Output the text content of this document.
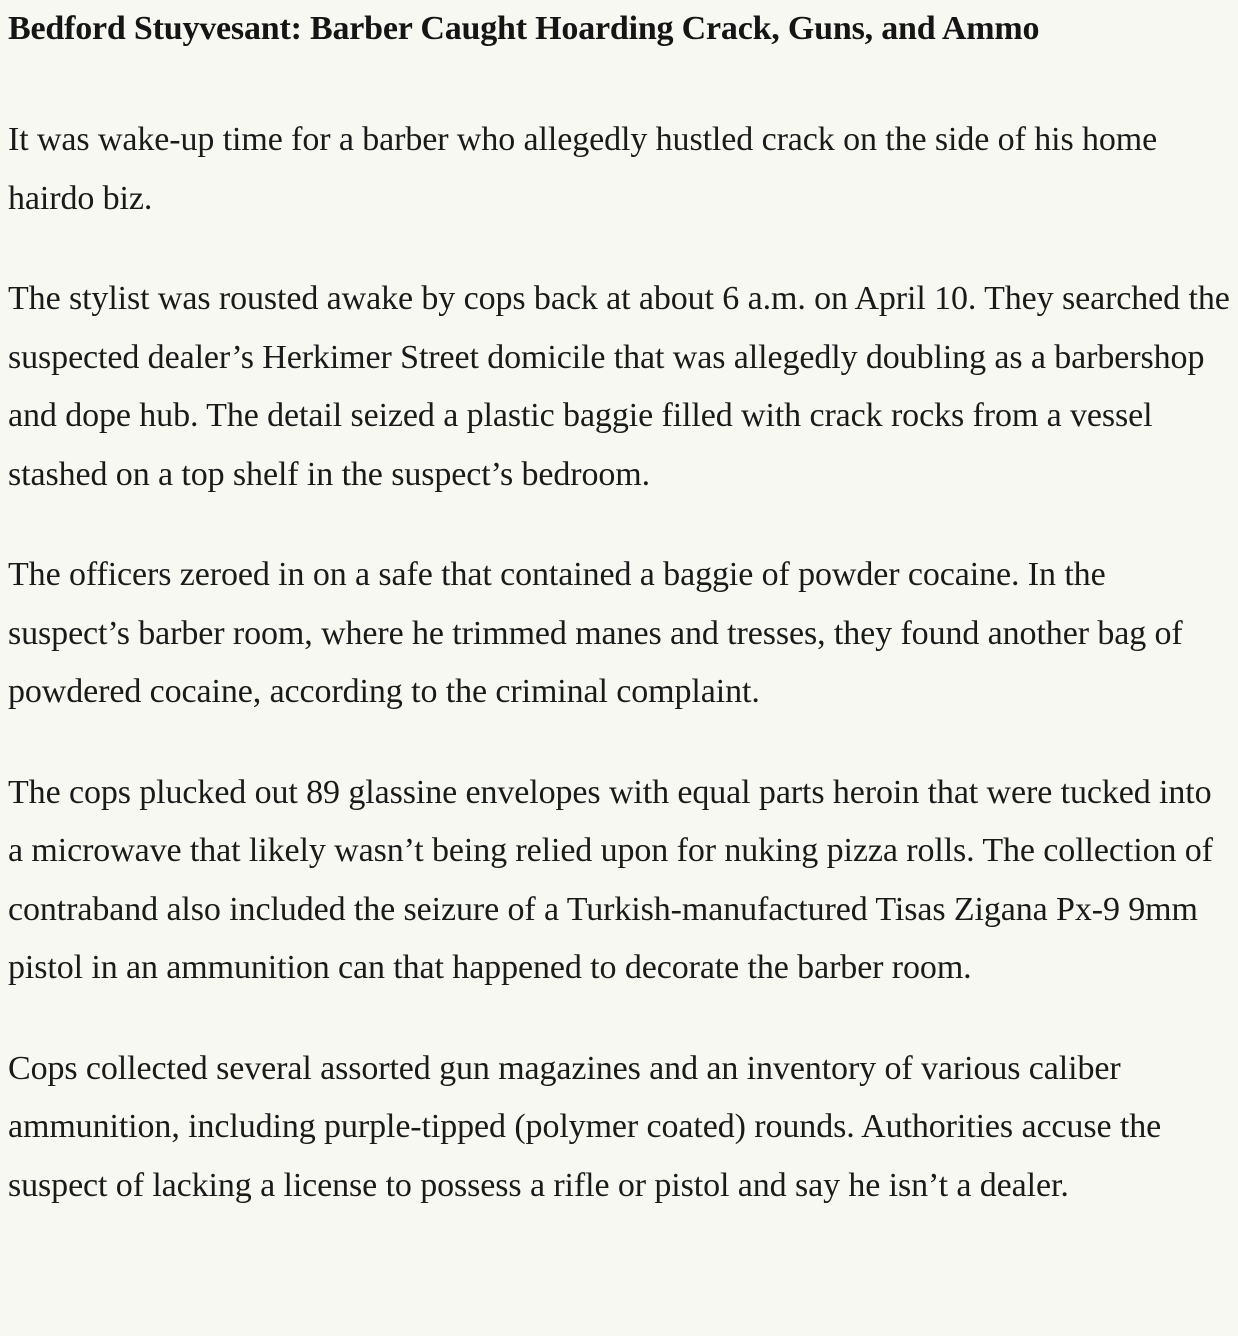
Bedford Stuyvesant: Barber Caught Hoarding Crack, Guns, and Ammo

It was wake-up time for a barber who allegedly hustled crack on the side of his home hairdo biz.

The stylist was rousted awake by cops back at about 6 a.m. on April 10. They searched the suspected dealer’s Herkimer Street domicile that was allegedly doubling as a barbershop and dope hub. The detail seized a plastic baggie filled with crack rocks from a vessel stashed on a top shelf in the suspect’s bedroom.

The officers zeroed in on a safe that contained a baggie of powder cocaine. In the suspect’s barber room, where he trimmed manes and tresses, they found another bag of powdered cocaine, according to the criminal complaint.

The cops plucked out 89 glassine envelopes with equal parts heroin that were tucked into a microwave that likely wasn’t being relied upon for nuking pizza rolls. The collection of contraband also included the seizure of a Turkish-manufactured Tisas Zigana Px-9 9mm pistol in an ammunition can that happened to decorate the barber room.

Cops collected several assorted gun magazines and an inventory of various caliber ammunition, including purple-tipped (polymer coated) rounds. Authorities accuse the suspect of lacking a license to possess a rifle or pistol and say he isn’t a dealer.
